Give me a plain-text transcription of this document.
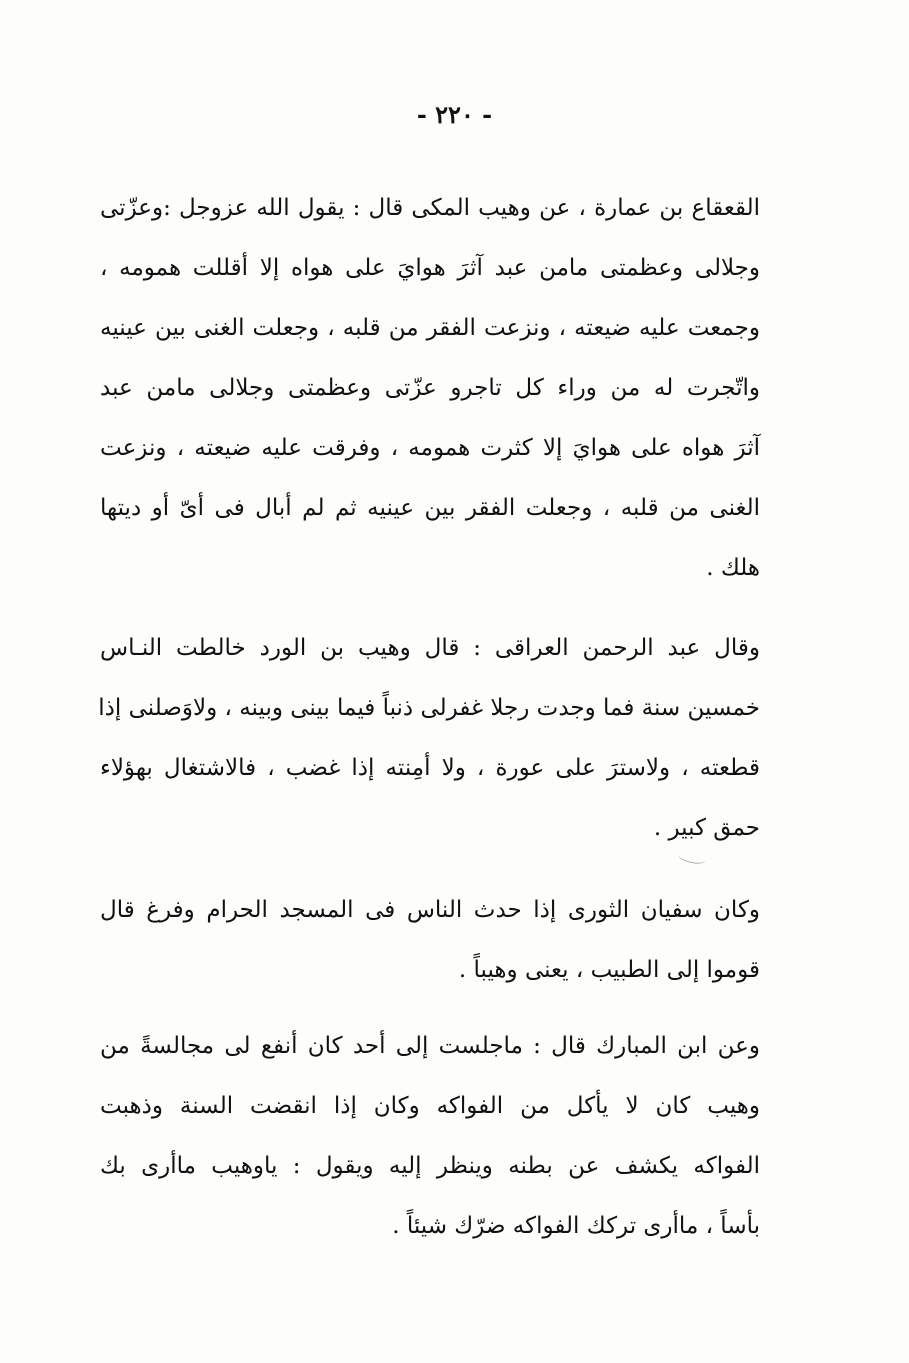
- ٢٢٠ -
القعقاع بن عمارة ، عن وهيب المكى قال : يقول الله عزوجل :وعزّتى
وجلالى وعظمتى مامن عبد آثرَ هوايَ على هواه إلا أقللت همومه ،
وجمعت عليه ضيعته ، ونزعت الفقر من قلبه ، وجعلت الغنى بين عينيه
واتّجرت له من وراء كل تاجرو عزّتى وعظمتى وجلالى مامن عبد
آثرَ هواه على هوايَ إلا كثرت همومه ، وفرقت عليه ضيعته ، ونزعت
الغنى من قلبه ، وجعلت الفقر بين عينيه ثم لم أبال فى أىّ أو ديتها
هلك .
وقال عبد الرحمن العراقى : قال وهيب بن الورد خالطت النـاس
خمسين سنة فما وجدت رجلا غفرلى ذنباً فيما بينى وبينه ، ولاوَصلنى إذا
قطعته ، ولاسترَ على عورة ، ولا أمِنته إذا غضب ، فالاشتغال بهؤلاء
حمق كبير .
وكان سفيان الثورى إذا حدث الناس فى المسجد الحرام وفرغ قال
قوموا إلى الطبيب ، يعنى وهيباً .
وعن ابن المبارك قال : ماجلست إلى أحد كان أنفع لى مجالسةً من
وهيب كان لا يأكل من الفواكه وكان إذا انقضت السنة وذهبت
الفواكه يكشف عن بطنه وينظر إليه ويقول : ياوهيب ماأرى بك
بأساً ، ماأرى تركك الفواكه ضرّك شيئاً .
